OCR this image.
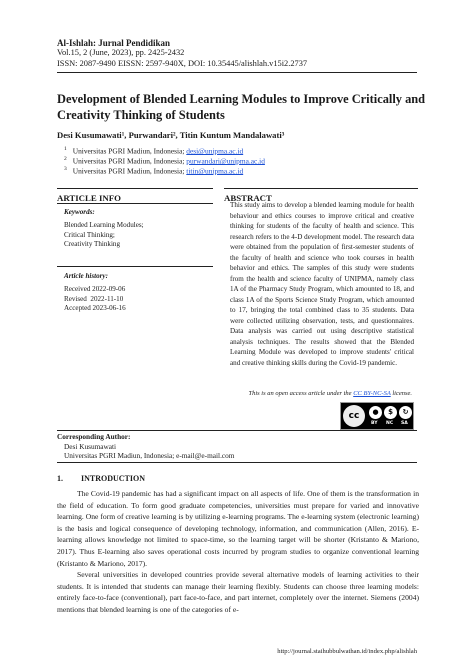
Al-Ishlah: Jurnal Pendidikan
Vol.15, 2 (June, 2023), pp. 2425-2432
ISSN: 2087-9490 EISSN: 2597-940X, DOI: 10.35445/alishlah.v15i2.2737
Development of Blended Learning Modules to Improve Critically and Creativity Thinking of Students
Desi Kusumawati¹, Purwandari², Titin Kuntum Mandalawati³
$^1$ Universitas PGRI Madiun, Indonesia; desi@unipma.ac.id
$^2$ Universitas PGRI Madiun, Indonesia; purwandari@unipma.ac.id
$^3$ Universitas PGRI Madiun, Indonesia; titin@unipma.ac.id
ARTICLE INFO
Keywords:
Blended Learning Modules;
Critical Thinking;
Creativity Thinking
Article history:
Received 2022-09-06
Revised  2022-11-10
Accepted 2023-06-16
ABSTRACT
This study aims to develop a blended learning module for health behaviour and ethics courses to improve critical and creative thinking for students of the faculty of health and science. This research refers to the 4-D development model. The research data were obtained from the population of first-semester students of the faculty of health and science who took courses in health behavior and ethics. The samples of this study were students from the health and science faculty of UNIPMA, namely class 1A of the Pharmacy Study Program, which amounted to 18, and class 1A of the Sports Science Study Program, which amounted to 17, bringing the total combined class to 35 students. Data were collected utilizing observation, tests, and questionnaires. Data analysis was carried out using descriptive statistical analysis techniques. The results showed that the Blended Learning Module was developed to improve students' critical and creative thinking skills during the Covid-19 pandemic.
This is an open access article under the CC BY-NC-SA license.
cc	●	$	↻
BY NC SA
Corresponding Author:
Desi Kusumawati
Universitas PGRI Madiun, Indonesia; e-mail@e-mail.com
1. INTRODUCTION

The Covid-19 pandemic has had a significant impact on all aspects of life. One of them is the transformation in the field of education. To form good graduate competencies, universities must prepare for varied and innovative learning. One form of creative learning is by utilizing e-learning programs. The e-learning system (electronic learning) is the basis and logical consequence of developing technology, information, and communication (Allen, 2016). E-learning allows knowledge not limited to space-time, so the learning target will be shorter (Kristanto & Mariono, 2017). Thus E-learning also saves operational costs incurred by program studies to organize conventional learning (Kristanto & Mariono, 2017).

Several universities in developed countries provide several alternative models of learning activities to their students. It is intended that students can manage their learning flexibly. Students can choose three learning models: entirely face-to-face (conventional), part face-to-face, and part internet, completely over the internet. Siemens (2004) mentions that blended learning is one of the categories of e-

http://journal.staihubbulwathan.id/index.php/alishlah
